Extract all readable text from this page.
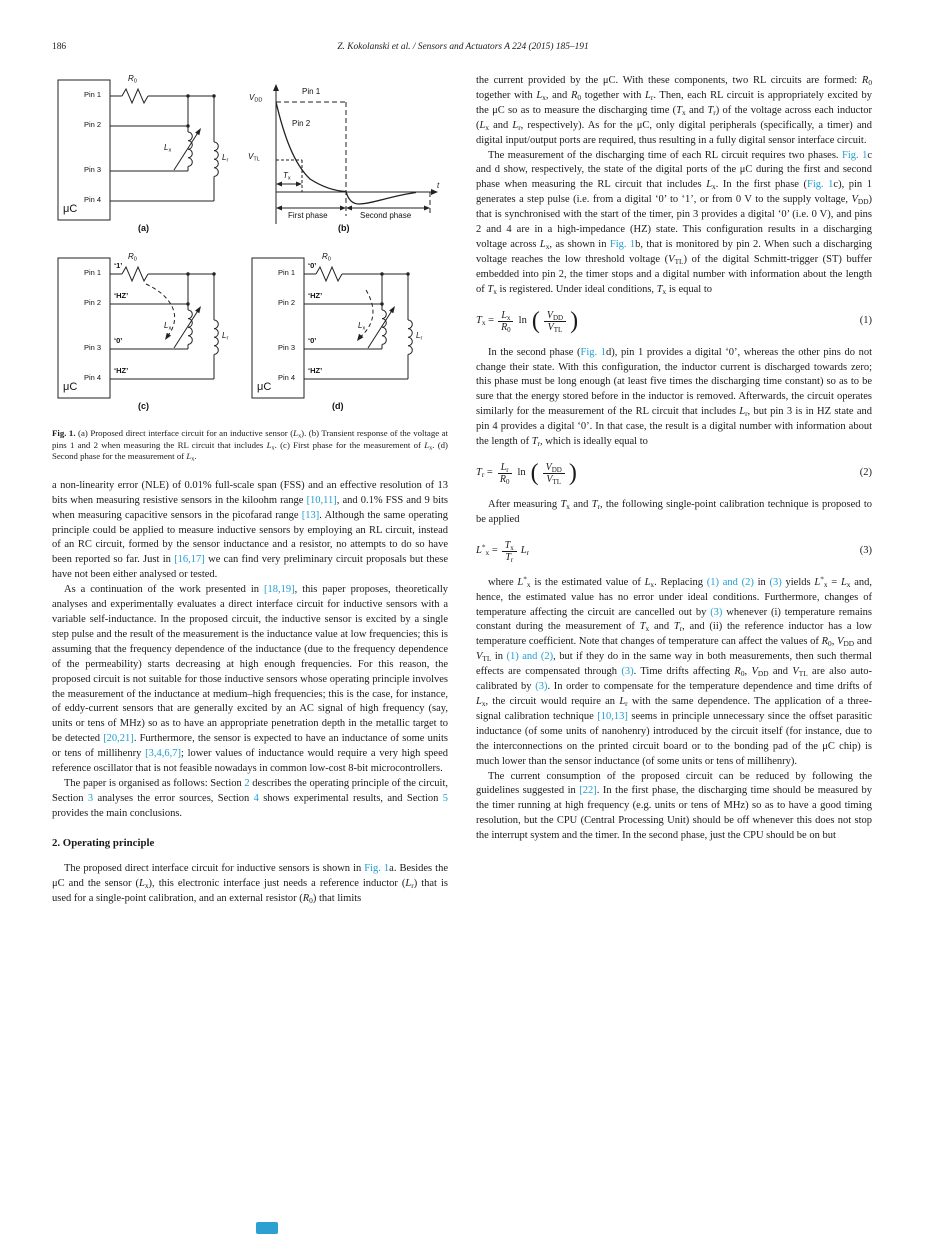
186	Z. Kokolanski et al. / Sensors and Actuators A 224 (2015) 185–191
$R_0$
Pin 1
Pin 2
Pin 3
Pin 4
$L_x$
$L_r$
μC
(a)
$V_{DD}$
Pin 1
Pin 2
$V_{TL}$
$T_x$
t
First phase	Second phase
(b)
$R_0$
Pin 1
Pin 2
Pin 3
Pin 4
‘1’
‘HZ’
‘0’
‘HZ’
$L_x$
$L_r$
μC
(c)
$R_0$
Pin 1
Pin 2
Pin 3
Pin 4
‘0’
‘HZ’
‘0’
‘HZ’
$L_x$
$L_r$
μC
(d)
Fig. 1. (a) Proposed direct interface circuit for an inductive sensor $(L_x)$. (b) Transient response of the voltage at pins 1 and 2 when measuring the RL circuit that includes $L_x$. (c) First phase for the measurement of $L_x$. (d) Second phase for the measurement of $L_x$.

a non-linearity error (NLE) of 0.01% full-scale span (FSS) and an effective resolution of 13 bits when measuring resistive sensors in the kiloohm range [10,11], and 0.1% FSS and 9 bits when measuring capacitive sensors in the picofarad range [13]. Although the same operating principle could be applied to measure inductive sensors by employing an RL circuit, instead of an RC circuit, formed by the sensor inductance and a resistor, no attempts to do so have been reported so far. Just in [16,17] we can find very preliminary circuit proposals but these have not been either analysed or tested.

As a continuation of the work presented in [18,19], this paper proposes, theoretically analyses and experimentally evaluates a direct interface circuit for inductive sensors with a variable self-inductance. In the proposed circuit, the inductive sensor is excited by a single step pulse and the result of the measurement is the inductance value at low frequencies; this is assuming that the frequency dependence of the inductance (due to the frequency dependence of the permeability) starts decreasing at high enough frequencies. For this reason, the proposed circuit is not suitable for those inductive sensors whose operating principle involves the measurement of the inductance at medium–high frequencies; this is the case, for instance, of eddy-current sensors that are generally excited by an AC signal of high frequency (say, units or tens of MHz) so as to have an appropriate penetration depth in the metallic target to be detected [20,21]. Furthermore, the sensor is expected to have an inductance of some units or tens of millihenry [3,4,6,7]; lower values of inductance would require a very high speed reference oscillator that is not feasible nowadays in common low-cost 8-bit microcontrollers.

The paper is organised as follows: Section 2 describes the operating principle of the circuit, Section 3 analyses the error sources, Section 4 shows experimental results, and Section 5 provides the main conclusions.

2. Operating principle

The proposed direct interface circuit for inductive sensors is shown in Fig. 1a. Besides the μC and the sensor $(L_x)$, this electronic interface just needs a reference inductor $(L_r)$ that is used for a single-point calibration, and an external resistor $(R_0)$ that limits

the current provided by the μC. With these components, two RL circuits are formed: $R_0$ together with $L_x$, and $R_0$ together with $L_r$. Then, each RL circuit is appropriately excited by the μC so as to measure the discharging time ($T_x$ and $T_r$) of the voltage across each inductor ($L_x$ and $L_r$, respectively). As for the μC, only digital peripherals (specifically, a timer) and digital input/output ports are required, thus resulting in a fully digital sensor interface circuit.

The measurement of the discharging time of each RL circuit requires two phases. Fig. 1c and d show, respectively, the state of the digital ports of the μC during the first and second phase when measuring the RL circuit that includes $L_x$. In the first phase (Fig. 1c), pin 1 generates a step pulse (i.e. from a digital ‘0’ to ‘1’, or from 0 V to the supply voltage, $V_{DD}$) that is synchronised with the start of the timer, pin 3 provides a digital ‘0’ (i.e. 0 V), and pins 2 and 4 are in a high-impedance (HZ) state. This configuration results in a discharging voltage across $L_x$, as shown in Fig. 1b, that is monitored by pin 2. When such a discharging voltage reaches the low threshold voltage $(V_{TL})$ of the digital Schmitt-trigger (ST) buffer embedded into pin 2, the timer stops and a digital number with information about the length of $T_x$ is registered. Under ideal conditions, $T_x$ is equal to

$T_x = \frac{L_x}{R_0}$ ln ( $\frac{V_{DD}}{V_{TL}}$ )	(1)

In the second phase (Fig. 1d), pin 1 provides a digital ‘0’, whereas the other pins do not change their state. With this configuration, the inductor current is discharged towards zero; this phase must be long enough (at least five times the discharging time constant) so as to be sure that the energy stored before in the inductor is removed. Afterwards, the circuit operates similarly for the measurement of the RL circuit that includes $L_r$, but pin 3 is in HZ state and pin 4 provides a digital ‘0’. In that case, the result is a digital number with information about the length of $T_r$, which is ideally equal to

$T_r = \frac{L_r}{R_0}$ ln ( $\frac{V_{DD}}{V_{TL}}$ )	(2)

After measuring $T_x$ and $T_r$, the following single-point calibration technique is proposed to be applied

$L^*_x = \frac{T_x}{T_r} L_r$	(3)

where $L^*_x$ is the estimated value of $L_x$. Replacing (1) and (2) in (3) yields $L^*_x = L_x$ and, hence, the estimated value has no error under ideal conditions. Furthermore, changes of temperature affecting the circuit are cancelled out by (3) whenever (i) temperature remains constant during the measurement of $T_x$ and $T_r$, and (ii) the reference inductor has a low temperature coefficient. Note that changes of temperature can affect the values of $R_0$, $V_{DD}$ and $V_{TL}$ in (1) and (2), but if they do in the same way in both measurements, then such thermal effects are compensated through (3). Time drifts affecting $R_0$, $V_{DD}$ and $V_{TL}$ are also auto-calibrated by (3). In order to compensate for the temperature dependence and time drifts of $L_x$, the circuit would require an $L_r$ with the same dependence. The application of a three-signal calibration technique [10,13] seems in principle unnecessary since the offset parasitic inductance (of some units of nanohenry) introduced by the circuit itself (for instance, due to the interconnections on the printed circuit board or to the bonding pad of the μC chip) is much lower than the sensor inductance (of some units or tens of millihenry).

The current consumption of the proposed circuit can be reduced by following the guidelines suggested in [22]. In the first phase, the discharging time should be measured by the timer running at high frequency (e.g. units or tens of MHz) so as to have a good timing resolution, but the CPU (Central Processing Unit) should be off whenever this does not stop the interrupt system and the timer. In the second phase, just the CPU should be on but
